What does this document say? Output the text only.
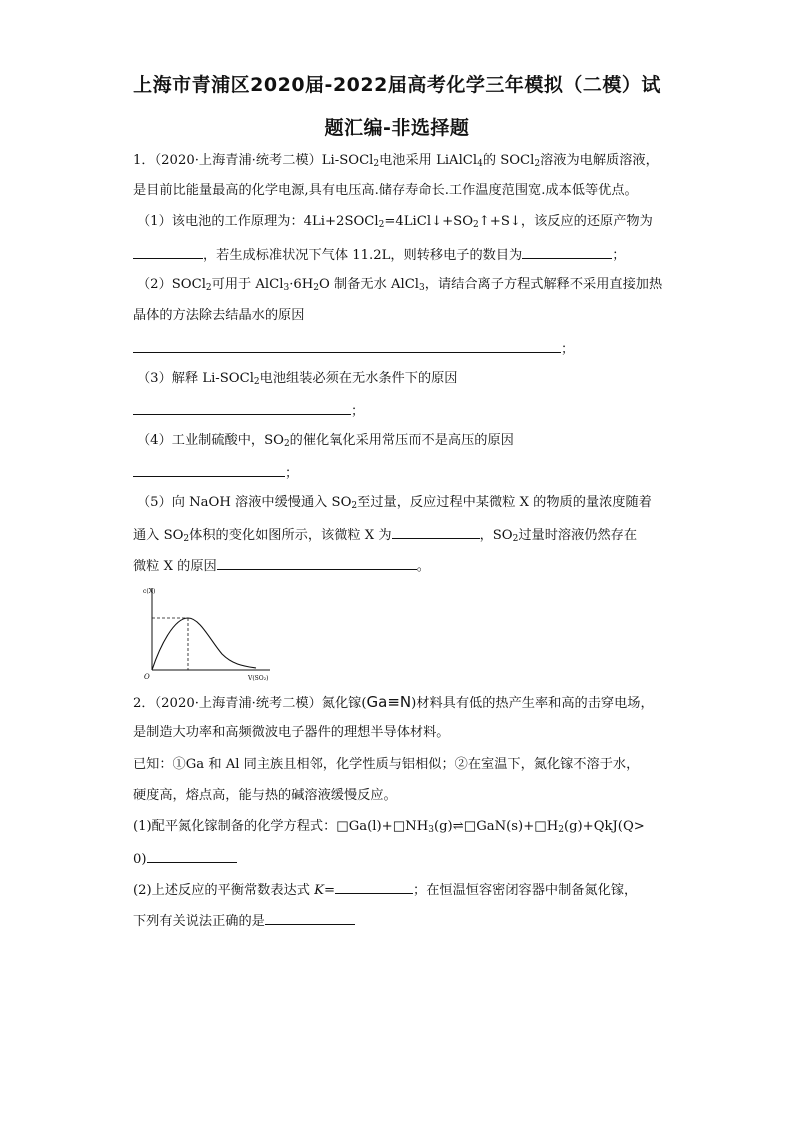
上海市青浦区2020届-2022届高考化学三年模拟（二模）试
题汇编-非选择题
1．（2020·上海青浦·统考二模）Li-SOCl$_2$电池采用 LiAlCl$_4$的 SOCl$_2$溶液为电解质溶液，
是目前比能量最高的化学电源,具有电压高.储存寿命长.工作温度范围宽.成本低等优点。
（1）该电池的工作原理为：$4Li+2SOCl_2=4LiCl↓+SO_2↑+S↓$，该反应的还原产物为
，若生成标准状况下气体 11.2L，则转移电子的数目为	；
（2）SOCl$_2$可用于 $AlCl_3\cdot 6H_2O$ 制备无水 AlCl$_3$，请结合离子方程式解释不采用直接加热
晶体的方法除去结晶水的原因
；
（3）解释 Li-SOCl$_2$电池组装必须在无水条件下的原因
；
（4）工业制硫酸中，$SO_2$的催化氧化采用常压而不是高压的原因
；
（5）向 NaOH 溶液中缓慢通入 $SO_2$至过量，反应过程中某微粒 X 的物质的量浓度随着
通入 $SO_2$体积的变化如图所示，该微粒 X 为	，$SO_2$过量时溶液仍然存在
微粒 X 的原因	。
c(X)
O	V(SO₂)
2．（2020·上海青浦·统考二模）氮化镓(Ga≡N)材料具有低的热产生率和高的击穿电场，
是制造大功率和高频微波电子器件的理想半导体材料。
已知：①Ga 和 Al 同主族且相邻，化学性质与铝相似；②在室温下，氮化镓不溶于水，
硬度高，熔点高，能与热的碱溶液缓慢反应。
(1)配平氮化镓制备的化学方程式：$□Ga(l)+□NH_3(g)\rightleftharpoons□GaN(s)+□H_2(g)+QkJ(Q>$
0)
(2)上述反应的平衡常数表达式 K=	；在恒温恒容密闭容器中制备氮化镓，
下列有关说法正确的是
